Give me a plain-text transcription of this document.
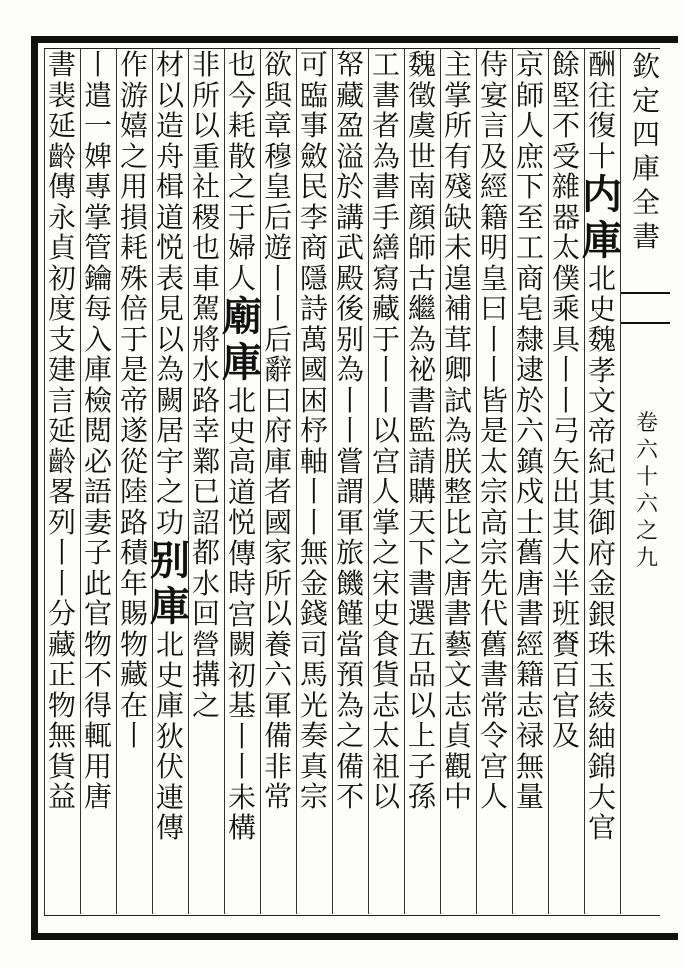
欽
定
四
庫
全
書
卷
六
十
六
之
九
酬
往
復
十
内
庫
北
史
魏
孝
文
帝
紀
其
御
府
金
銀
珠
玉
綾
紬
錦
大
官
餘
堅
不
受
雜
器
太
僕
乘
具
丨
丨
弓
矢
出
其
大
半
班
賚
百
官
及
京
師
人
庶
下
至
工
商
皂
隸
逮
於
六
鎮
戍
士
舊
唐
書
經
籍
志
禄
無
量
侍
宴
言
及
經
籍
明
皇
曰
丨
丨
皆
是
太
宗
高
宗
先
代
舊
書
常
令
宫
人
主
掌
所
有
殘
缺
未
遑
補
茸
卿
試
為
朕
整
比
之
唐
書
藝
文
志
貞
觀
中
魏
徵
虞
世
南
顔
師
古
繼
為
祕
書
監
請
購
天
下
書
選
五
品
以
上
子
孫
工
書
者
為
書
手
繕
寫
藏
于
丨
丨
以
宫
人
掌
之
宋
史
食
貨
志
太
祖
以
帑
藏
盈
溢
於
講
武
殿
後
别
為
丨
丨
嘗
謂
軍
旅
饑
饉
當
預
為
之
備
不
可
臨
事
斂
民
李
商
隱
詩
萬
國
困
杼
軸
丨
丨
無
金
錢
司
馬
光
奏
真
宗
欲
與
章
穆
皇
后
遊
丨
丨
后
辭
曰
府
庫
者
國
家
所
以
養
六
軍
備
非
常
也
今
耗
散
之
于
婦
人
廟
庫
北
史
高
道
悦
傳
時
宫
闕
初
基
丨
丨
未
構
非
所
以
重
社
稷
也
車
駕
將
水
路
幸
鄴
已
詔
都
水
回
營
搆
之
材
以
造
舟
楫
道
悦
表
見
以
為
闕
居
宇
之
功
别
庫
北
史
庫
狄
伏
連
傳
作
游
嬉
之
用
損
耗
殊
倍
于
是
帝
遂
從
陸
路
積
年
賜
物
藏
在
丨
丨
遣
一
婢
專
掌
管
鑰
每
入
庫
檢
閲
必
語
妻
子
此
官
物
不
得
輒
用
唐
書
裴
延
齡
傳
永
貞
初
度
支
建
言
延
齡
畧
列
丨
丨
分
藏
正
物
無
貨
益
